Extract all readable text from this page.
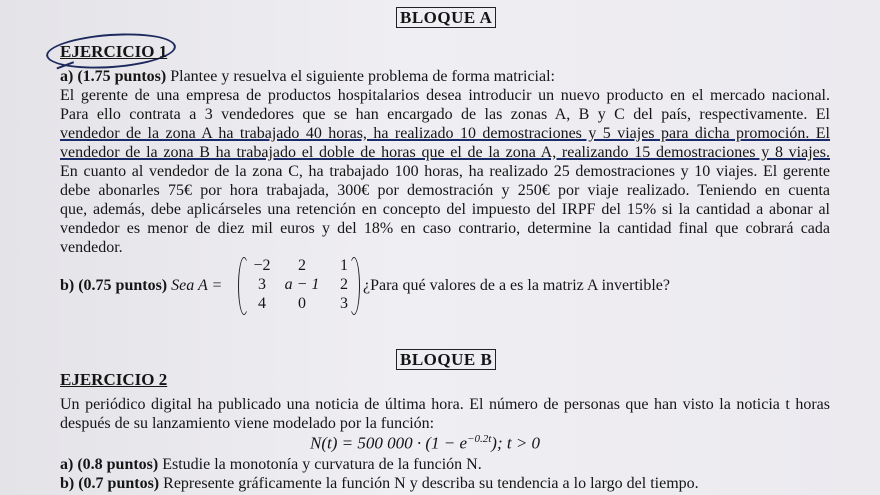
BLOQUE A
EJERCICIO 1
a) (1.75 puntos) Plantee y resuelva el siguiente problema de forma matricial:
El gerente de una empresa de productos hospitalarios desea introducir un nuevo producto en el mercado nacional.
Para ello contrata a 3 vendedores que se han encargado de las zonas A, B y C del país, respectivamente. El
vendedor de la zona A ha trabajado 40 horas, ha realizado 10 demostraciones y 5 viajes para dicha promoción. El
vendedor de la zona B ha trabajado el doble de horas que el de la zona A, realizando 15 demostraciones y 8 viajes.
En cuanto al vendedor de la zona C, ha trabajado 100 horas, ha realizado 25 demostraciones y 10 viajes. El gerente
debe abonarles 75€ por hora trabajada, 300€ por demostración y 250€ por viaje realizado. Teniendo en cuenta
que, además, debe aplicárseles una retención en concepto del impuesto del IRPF del 15% si la cantidad a abonar al
vendedor es menor de diez mil euros y del 18% en caso contrario, determine la cantidad final que cobrará cada
vendedor.
b) (0.75 puntos) Sea A =
−2	2	1
3	a − 1	2
4	0	3
¿Para qué valores de a es la matriz A invertible?
BLOQUE B
EJERCICIO 2
Un periódico digital ha publicado una noticia de última hora. El número de personas que han visto la noticia t horas
después de su lanzamiento viene modelado por la función:
N(t) = 500 $000 \cdot (1 - e^{-0.2t})$; t > 0
a) (0.8 puntos) Estudie la monotonía y curvatura de la función N.
b) (0.7 puntos) Represente gráficamente la función N y describa su tendencia a lo largo del tiempo.
